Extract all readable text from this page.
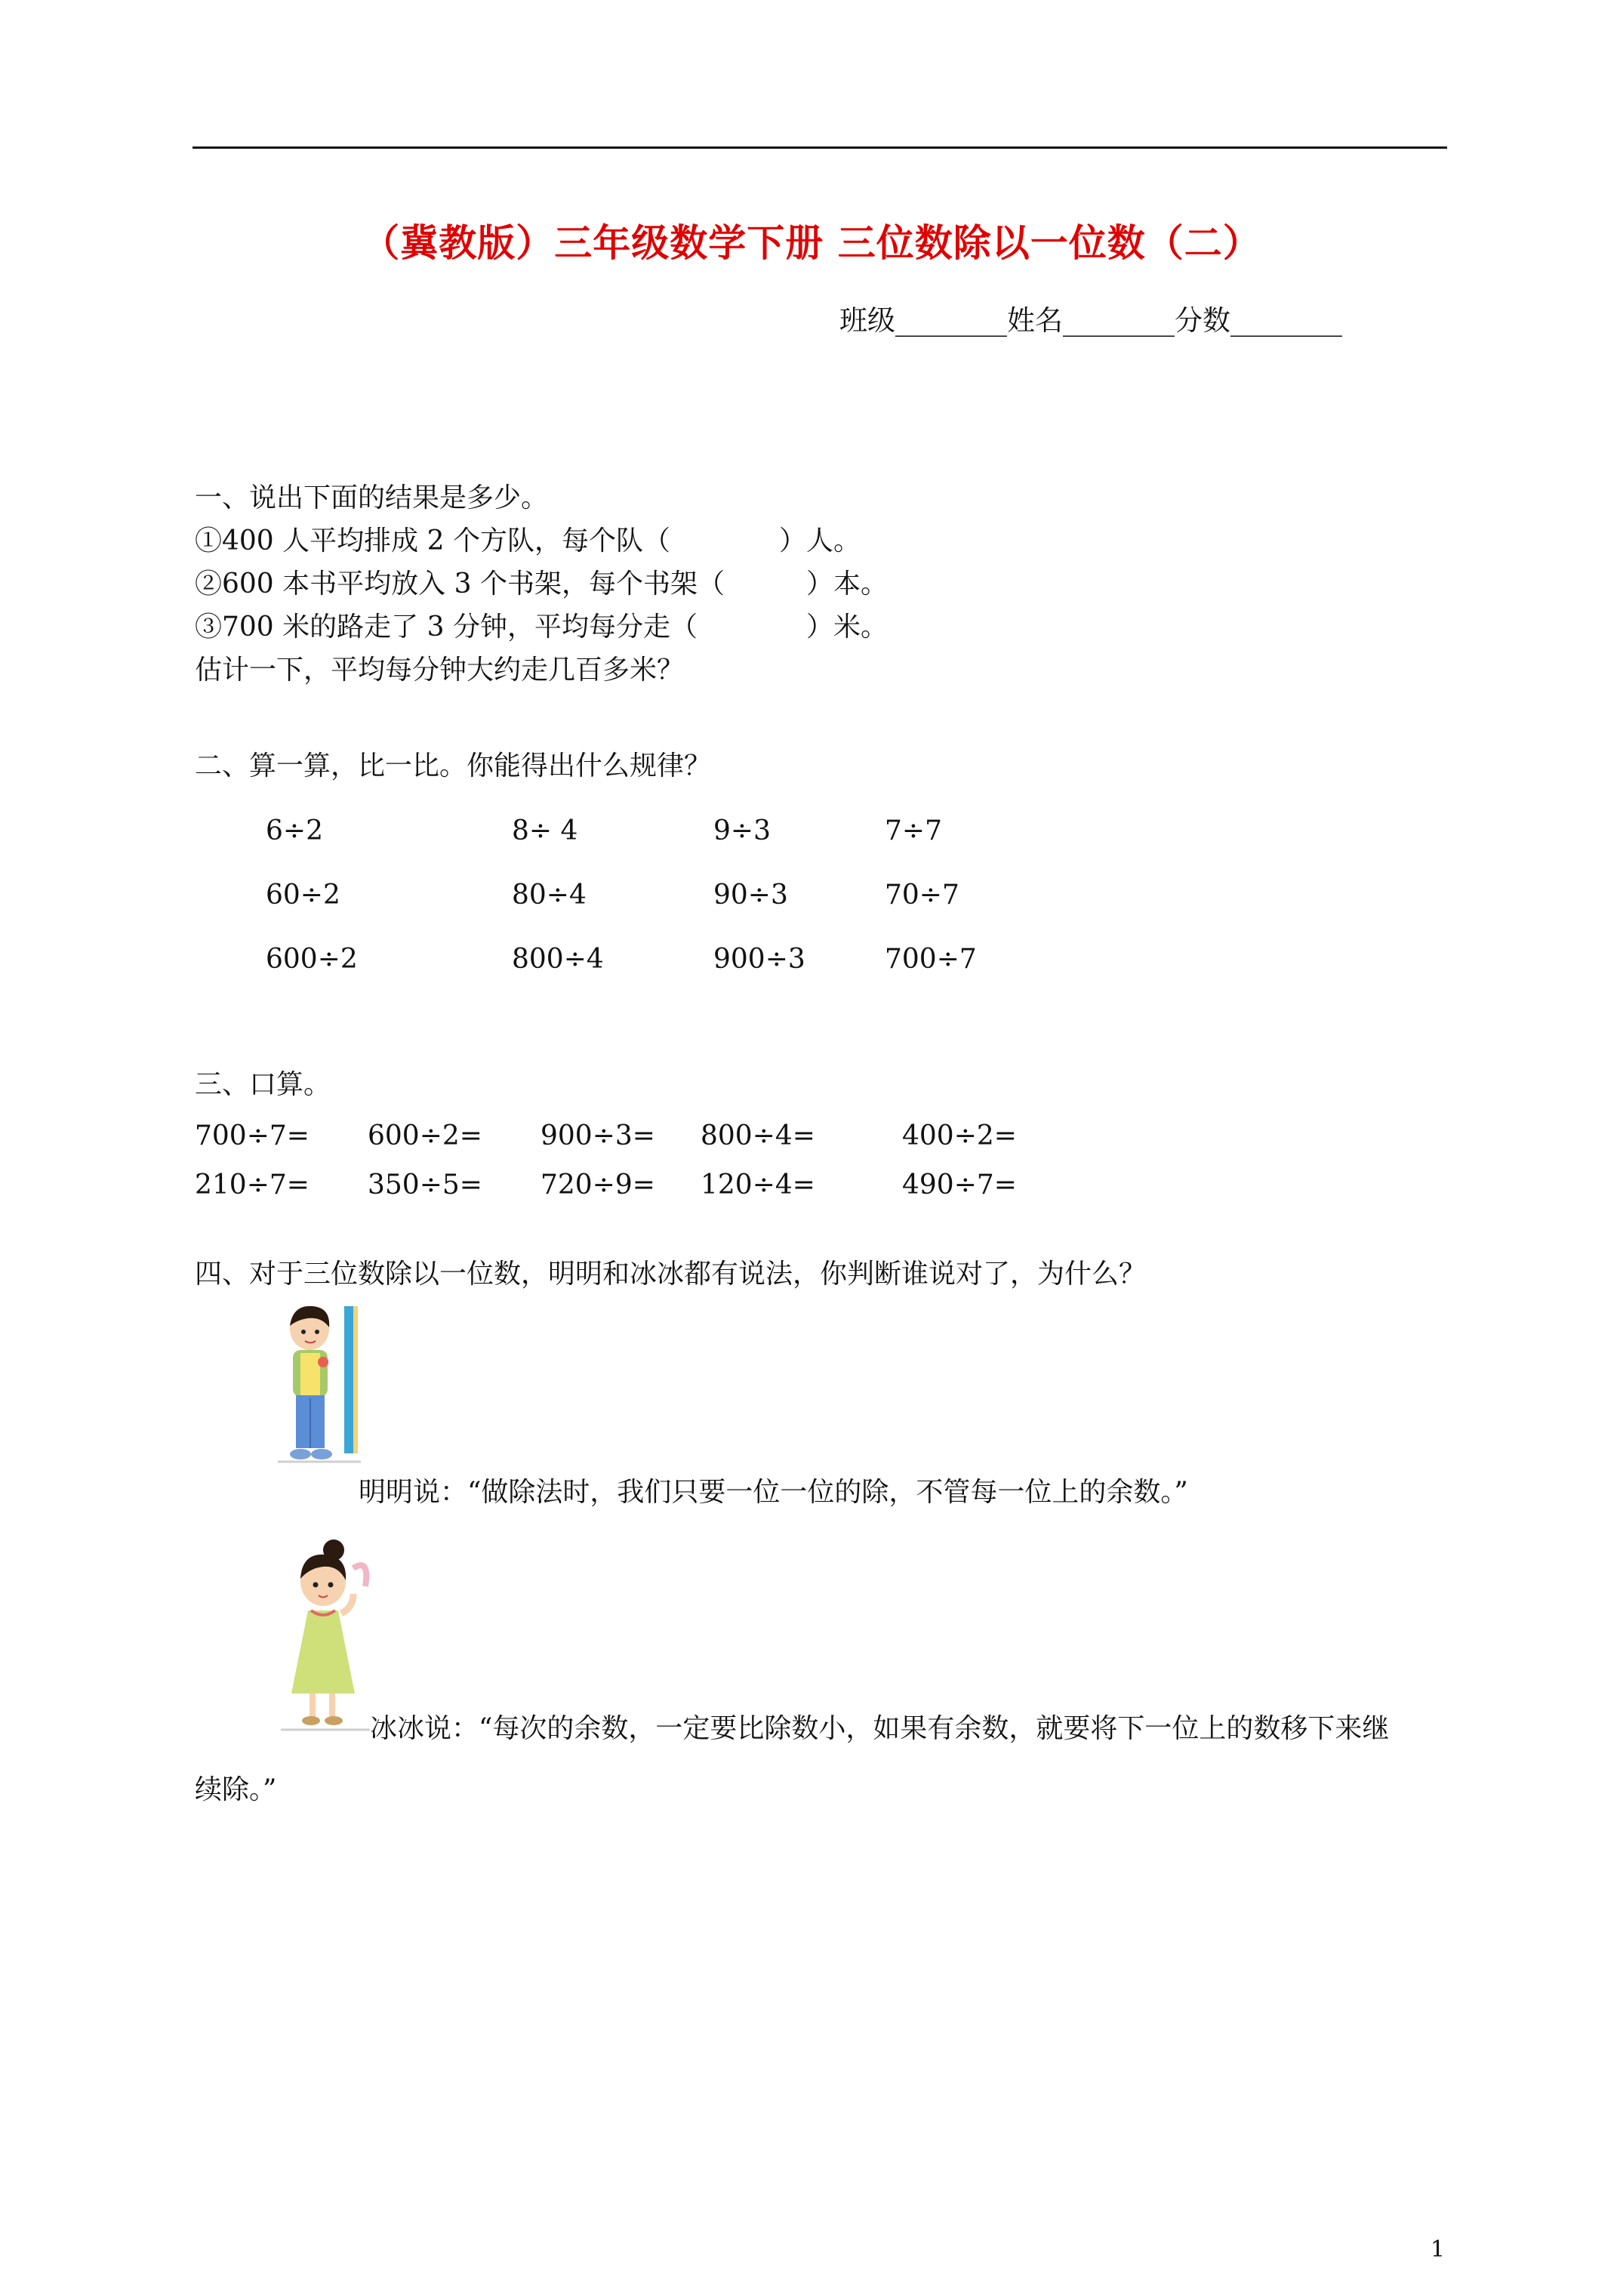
（冀教版）三年级数学下册 三位数除以一位数（二）
班级________姓名________分数________
一、说出下面的结果是多少。
①400 人平均排成 2 个方队，每个队（　　　　）人。
②600 本书平均放入 3 个书架，每个书架（　　　）本。
③700 米的路走了 3 分钟，平均每分走（　　　　）米。
估计一下，平均每分钟大约走几百多米？
二、算一算，比一比。你能得出什么规律？
6÷2	8÷ 4	9÷3	7÷7
60÷2	80÷4	90÷3	70÷7
600÷2	800÷4	900÷3	700÷7
三、口算。
700÷7= 600÷2= 900÷3= 800÷4=	400÷2=
210÷7= 350÷5= 720÷9= 120÷4=	490÷7=
四、对于三位数除以一位数，明明和冰冰都有说法，你判断谁说对了，为什么？
明明说：“做除法时，我们只要一位一位的除，不管每一位上的余数。”
冰冰说：“每次的余数，一定要比除数小，如果有余数，就要将下一位上的数移下来继
续除。”
1
